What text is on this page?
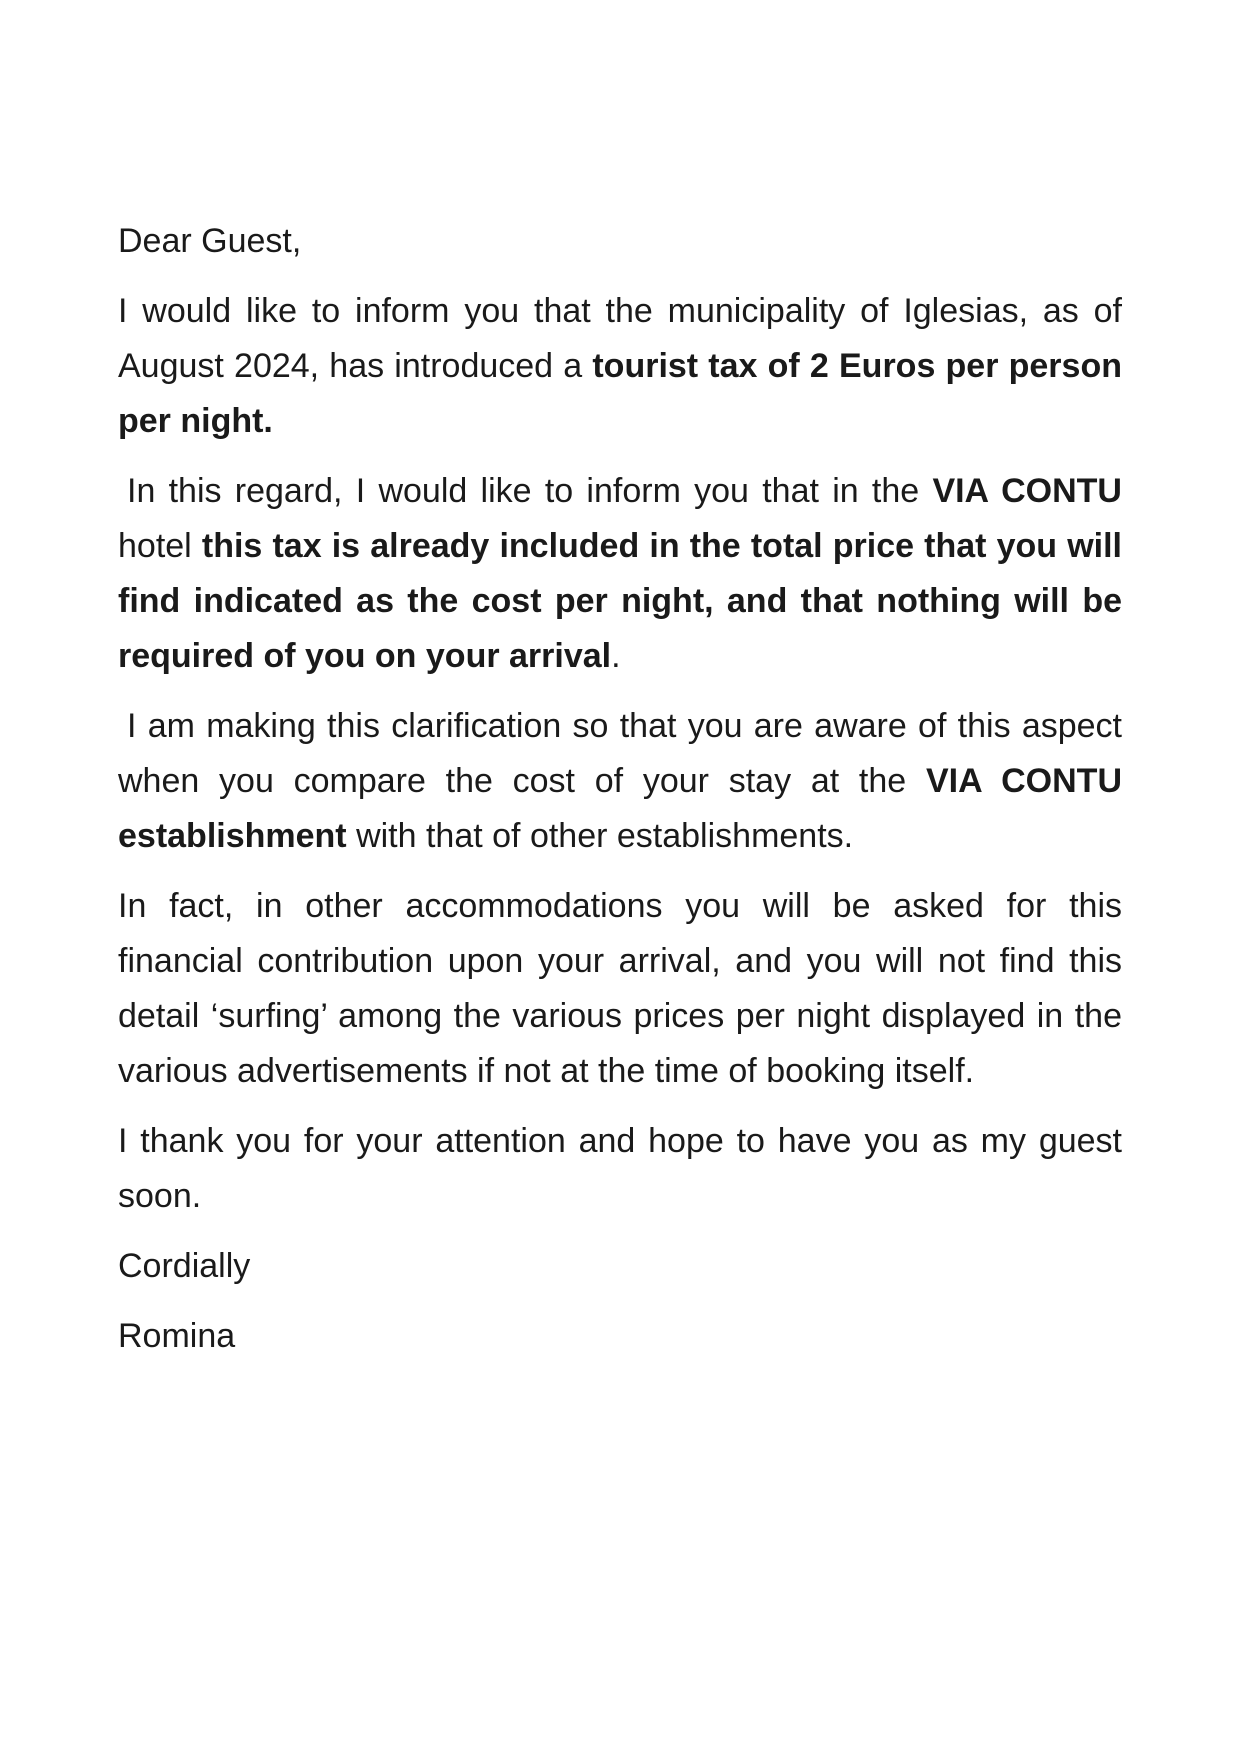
Dear Guest,

I would like to inform you that the municipality of Iglesias, as of August 2024, has introduced a tourist tax of 2 Euros per person per night.

In this regard, I would like to inform you that in the VIA CONTU hotel this tax is already included in the total price that you will find indicated as the cost per night, and that nothing will be required of you on your arrival.

I am making this clarification so that you are aware of this aspect when you compare the cost of your stay at the VIA CONTU establishment with that of other establishments.

In fact, in other accommodations you will be asked for this financial contribution upon your arrival, and you will not find this detail ‘surfing’ among the various prices per night displayed in the various advertisements if not at the time of booking itself.

I thank you for your attention and hope to have you as my guest soon.

Cordially

Romina
